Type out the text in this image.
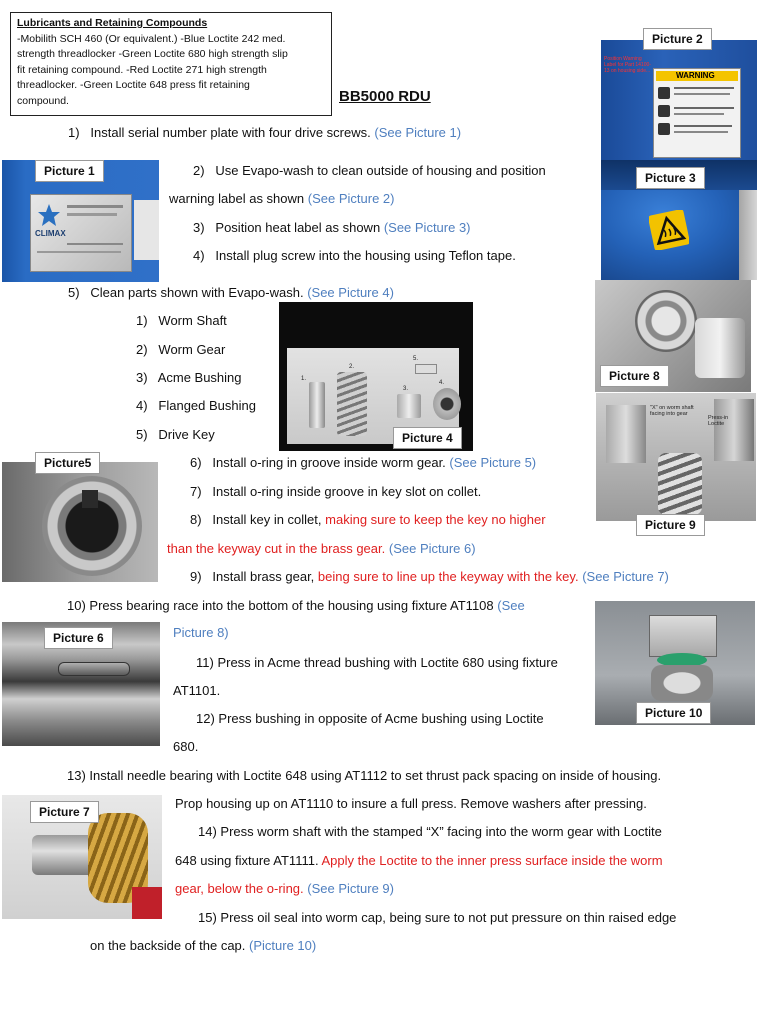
Lubricants and Retaining Compounds
-Mobilith SCH 460 (Or equivalent.) -Blue Loctite 242 med.
strength threadlocker -Green Loctite 680 high strength slip
fit retaining compound. -Red Loctite 271 high strength
threadlocker. -Green Loctite 648 press fit retaining
compound.	BB5000 RDU
CLIMAX
WARNING
Position Warning Label for Part 14100-13 on housing side...
1.
2.
3.
4.
5.
"X" on worm shaft facing into gear
Press-in Loctite
Picture 1
Picture 2
Picture 3
Picture 4
Picture5
Picture 6
Picture 7
Picture 8
Picture 9
Picture 10
1) Install serial number plate with four drive screws. (See Picture 1)
2) Use Evapo-wash to clean outside of housing and position
warning label as shown (See Picture 2)
3) Position heat label as shown (See Picture 3)
4) Install plug screw into the housing using Teflon tape.
5) Clean parts shown with Evapo-wash. (See Picture 4)
1) Worm Shaft
2) Worm Gear
3) Acme Bushing
4) Flanged Bushing
5) Drive Key
6) Install o-ring in groove inside worm gear. (See Picture 5)
7) Install o-ring inside groove in key slot on collet.
8) Install key in collet, making sure to keep the key no higher
than the keyway cut in the brass gear. (See Picture 6)
9) Install brass gear, being sure to line up the keyway with the key. (See Picture 7)
10) Press bearing race into the bottom of the housing using fixture AT1108 (See
Picture 8)
11) Press in Acme thread bushing with Loctite 680 using fixture
AT1101.
12) Press bushing in opposite of Acme bushing using Loctite
680.
13) Install needle bearing with Loctite 648 using AT1112 to set thrust pack spacing on inside of housing.
Prop housing up on AT1110 to insure a full press. Remove washers after pressing.
14) Press worm shaft with the stamped “X” facing into the worm gear with Loctite
648 using fixture AT1111. Apply the Loctite to the inner press surface inside the worm
gear, below the o-ring. (See Picture 9)
15) Press oil seal into worm cap, being sure to not put pressure on thin raised edge
on the backside of the cap. (Picture 10)
